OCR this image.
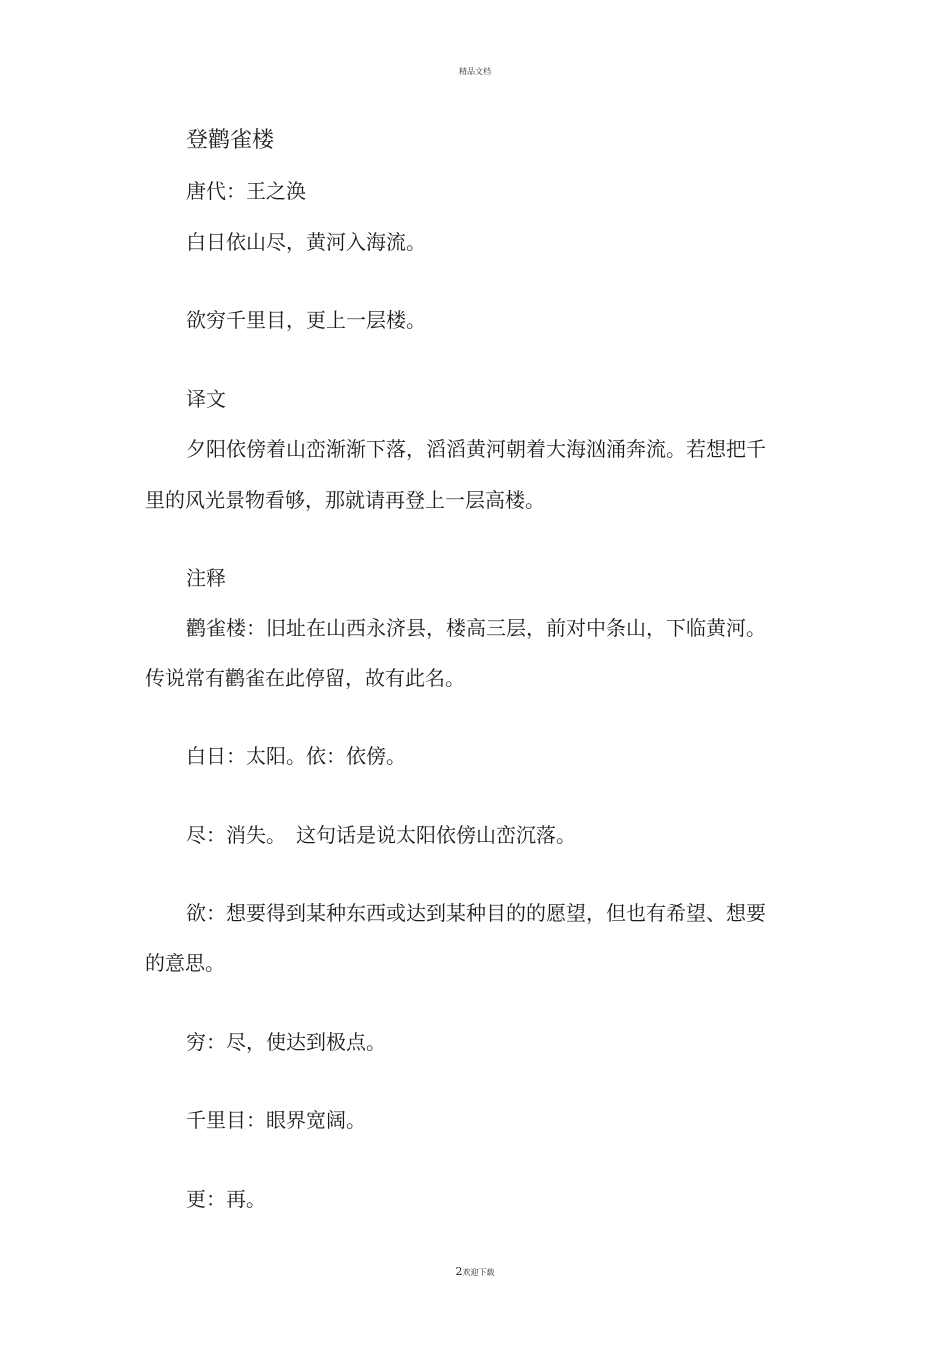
精品文档
登鹳雀楼
唐代：王之涣
白日依山尽，黄河入海流。
欲穷千里目，更上一层楼。
译文
夕阳依傍着山峦渐渐下落，滔滔黄河朝着大海汹涌奔流。若想把千
里的风光景物看够，那就请再登上一层高楼。
注释
鹳雀楼：旧址在山西永济县，楼高三层，前对中条山，下临黄河。
传说常有鹳雀在此停留，故有此名。
白日：太阳。依：依傍。
尽：消失。　这句话是说太阳依傍山峦沉落。
欲：想要得到某种东西或达到某种目的的愿望，但也有希望、想要
的意思。
穷：尽，使达到极点。
千里目：眼界宽阔。
更：再。
2欢迎下载
